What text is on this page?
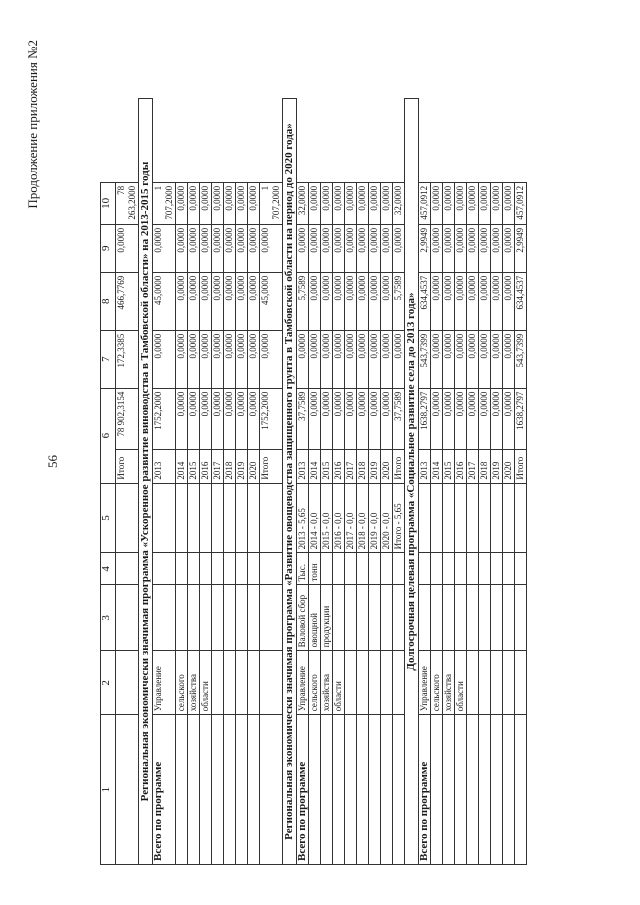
56
Продолжение приложения №2
1	2	3	4	5	6		7	8	9	10
					Итого	78 902,3154	172,3385	466,7769	0,0000	78 263,2000
Региональная экономически значимая программа «Ускоренное развитие виноводства в Тамбовской области» на 2013-2015 годы										
Всего по программе	Управление				2013	1752,2000	0,0000	45,0000	0,0000	1 707,2000
	сельского				2014	0,0000	0,0000	0,0000	0,0000	0,0000
	хозяйства				2015	0,0000	0,0000	0,0000	0,0000	0,0000
	области				2016	0,0000	0,0000	0,0000	0,0000	0,0000
					2017	0,0000	0,0000	0,0000	0,0000	0,0000
					2018	0,0000	0,0000	0,0000	0,0000	0,0000
					2019	0,0000	0,0000	0,0000	0,0000	0,0000
					2020	0,0000	0,0000	0,0000	0,0000	0,0000
					Итого	1752,2000	0,0000	45,0000	0,0000	1 707,2000
Региональная экономически значимая программа «Развитие овощеводства защищенного грунта в Тамбовской области на период до 2020 года»										
Всего по программе	Управление	Валовой сбор	Тыс.	2013 - 5,65	2013	37,7589	0,0000	5,7589	0,0000	32,0000
	сельского	овощной	тонн	2014 - 0,0	2014	0,0000	0,0000	0,0000	0,0000	0,0000
	хозяйства	продукции		2015 - 0,0	2015	0,0000	0,0000	0,0000	0,0000	0,0000
	области			2016 - 0,0	2016	0,0000	0,0000	0,0000	0,0000	0,0000
				2017 - 0,0	2017	0,0000	0,0000	0,0000	0,0000	0,0000
				2018 - 0,0	2018	0,0000	0,0000	0,0000	0,0000	0,0000
				2019 - 0,0	2019	0,0000	0,0000	0,0000	0,0000	0,0000
				2020 - 0,0	2020	0,0000	0,0000	0,0000	0,0000	0,0000
				Итого - 5,65	Итого	37,7589	0,0000	5,7589	0,0000	32,0000
Долгосрочная целевая программа «Социальное развитие села до 2013 года»										
Всего по программе	Управление				2013	1638,2797	543,7399	634,4537	2,9949	457,0912
	сельского				2014	0,0000	0,0000	0,0000	0,0000	0,0000
	хозяйства				2015	0,0000	0,0000	0,0000	0,0000	0,0000
	области				2016	0,0000	0,0000	0,0000	0,0000	0,0000
					2017	0,0000	0,0000	0,0000	0,0000	0,0000
					2018	0,0000	0,0000	0,0000	0,0000	0,0000
					2019	0,0000	0,0000	0,0000	0,0000	0,0000
					2020	0,0000	0,0000	0,0000	0,0000	0,0000
					Итого	1638,2797	543,7399	634,4537	2,9949	457,0912
